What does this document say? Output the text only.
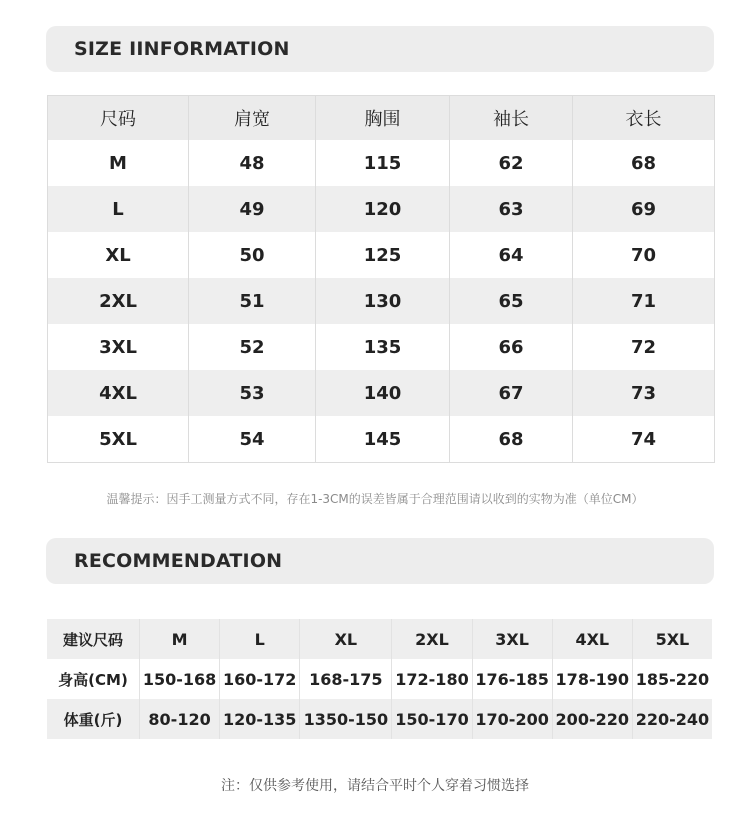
SIZE IINFORMATION
尺码	肩宽	胸围	袖长	衣长
M	48	115	62	68
L	49	120	63	69
XL	50	125	64	70
2XL	51	130	65	71
3XL	52	135	66	72
4XL	53	140	67	73
5XL	54	145	68	74
温馨提示：因手工测量方式不同，存在1-3CM的误差皆属于合理范围请以收到的实物为准（单位CM）
RECOMMENDATION
建议尺码	M	L	XL	2XL	3XL	4XL	5XL
身高(CM)	150-168	160-172	168-175	172-180	176-185	178-190	185-220
体重(斤)	80-120	120-135	1350-150	150-170	170-200	200-220	220-240
注：仅供参考使用，请结合平时个人穿着习惯选择
